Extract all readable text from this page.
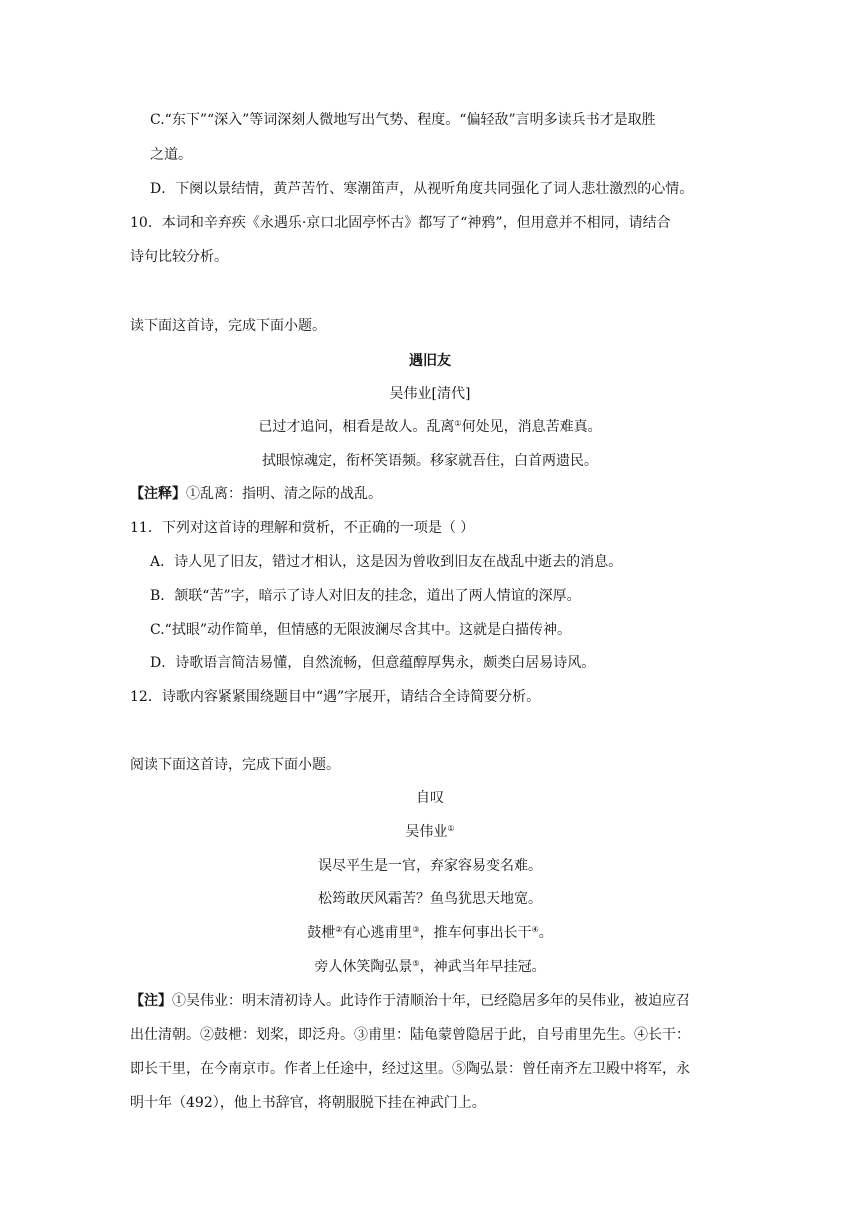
C.“东下”“深入”等词深刻人微地写出气势、程度。“偏轻敌”言明多读兵书才是取胜
之道。
D．下阕以景结情，黄芦苦竹、寒潮笛声，从视听角度共同强化了词人悲壮激烈的心情。
10．本词和辛弃疾《永遇乐·京口北固亭怀古》都写了“神鸦”，但用意并不相同，请结合
诗句比较分析。
读下面这首诗，完成下面小题。
遇旧友
吴伟业[清代]
已过才追问，相看是故人。乱离①何处见，消息苦难真。
拭眼惊魂定，衔杯笑语频。移家就吾住，白首两遗民。
【注释】①乱离：指明、清之际的战乱。
11．下列对这首诗的理解和赏析，不正确的一项是（ ）
A．诗人见了旧友，错过才相认，这是因为曾收到旧友在战乱中逝去的消息。
B．颔联“苦”字，暗示了诗人对旧友的挂念，道出了两人情谊的深厚。
C.“拭眼”动作简单，但情感的无限波澜尽含其中。这就是白描传神。
D．诗歌语言简洁易懂，自然流畅，但意蕴醇厚隽永，颇类白居易诗风。
12．诗歌内容紧紧围绕题目中“遇”字展开，请结合全诗简要分析。
阅读下面这首诗，完成下面小题。
自叹
吴伟业①
误尽平生是一官，弃家容易变名难。
松筠敢厌风霜苦？鱼鸟犹思天地宽。
鼓枻②有心逃甫里③，推车何事出长干④。
旁人休笑陶弘景⑤，神武当年早挂冠。
【注】①吴伟业：明末清初诗人。此诗作于清顺治十年，已经隐居多年的吴伟业，被迫应召
出仕清朝。②鼓枻：划桨，即泛舟。③甫里：陆龟蒙曾隐居于此，自号甫里先生。④长干：
即长干里，在今南京市。作者上任途中，经过这里。⑤陶弘景：曾任南齐左卫殿中将军，永
明十年（492），他上书辞官，将朝服脱下挂在神武门上。
